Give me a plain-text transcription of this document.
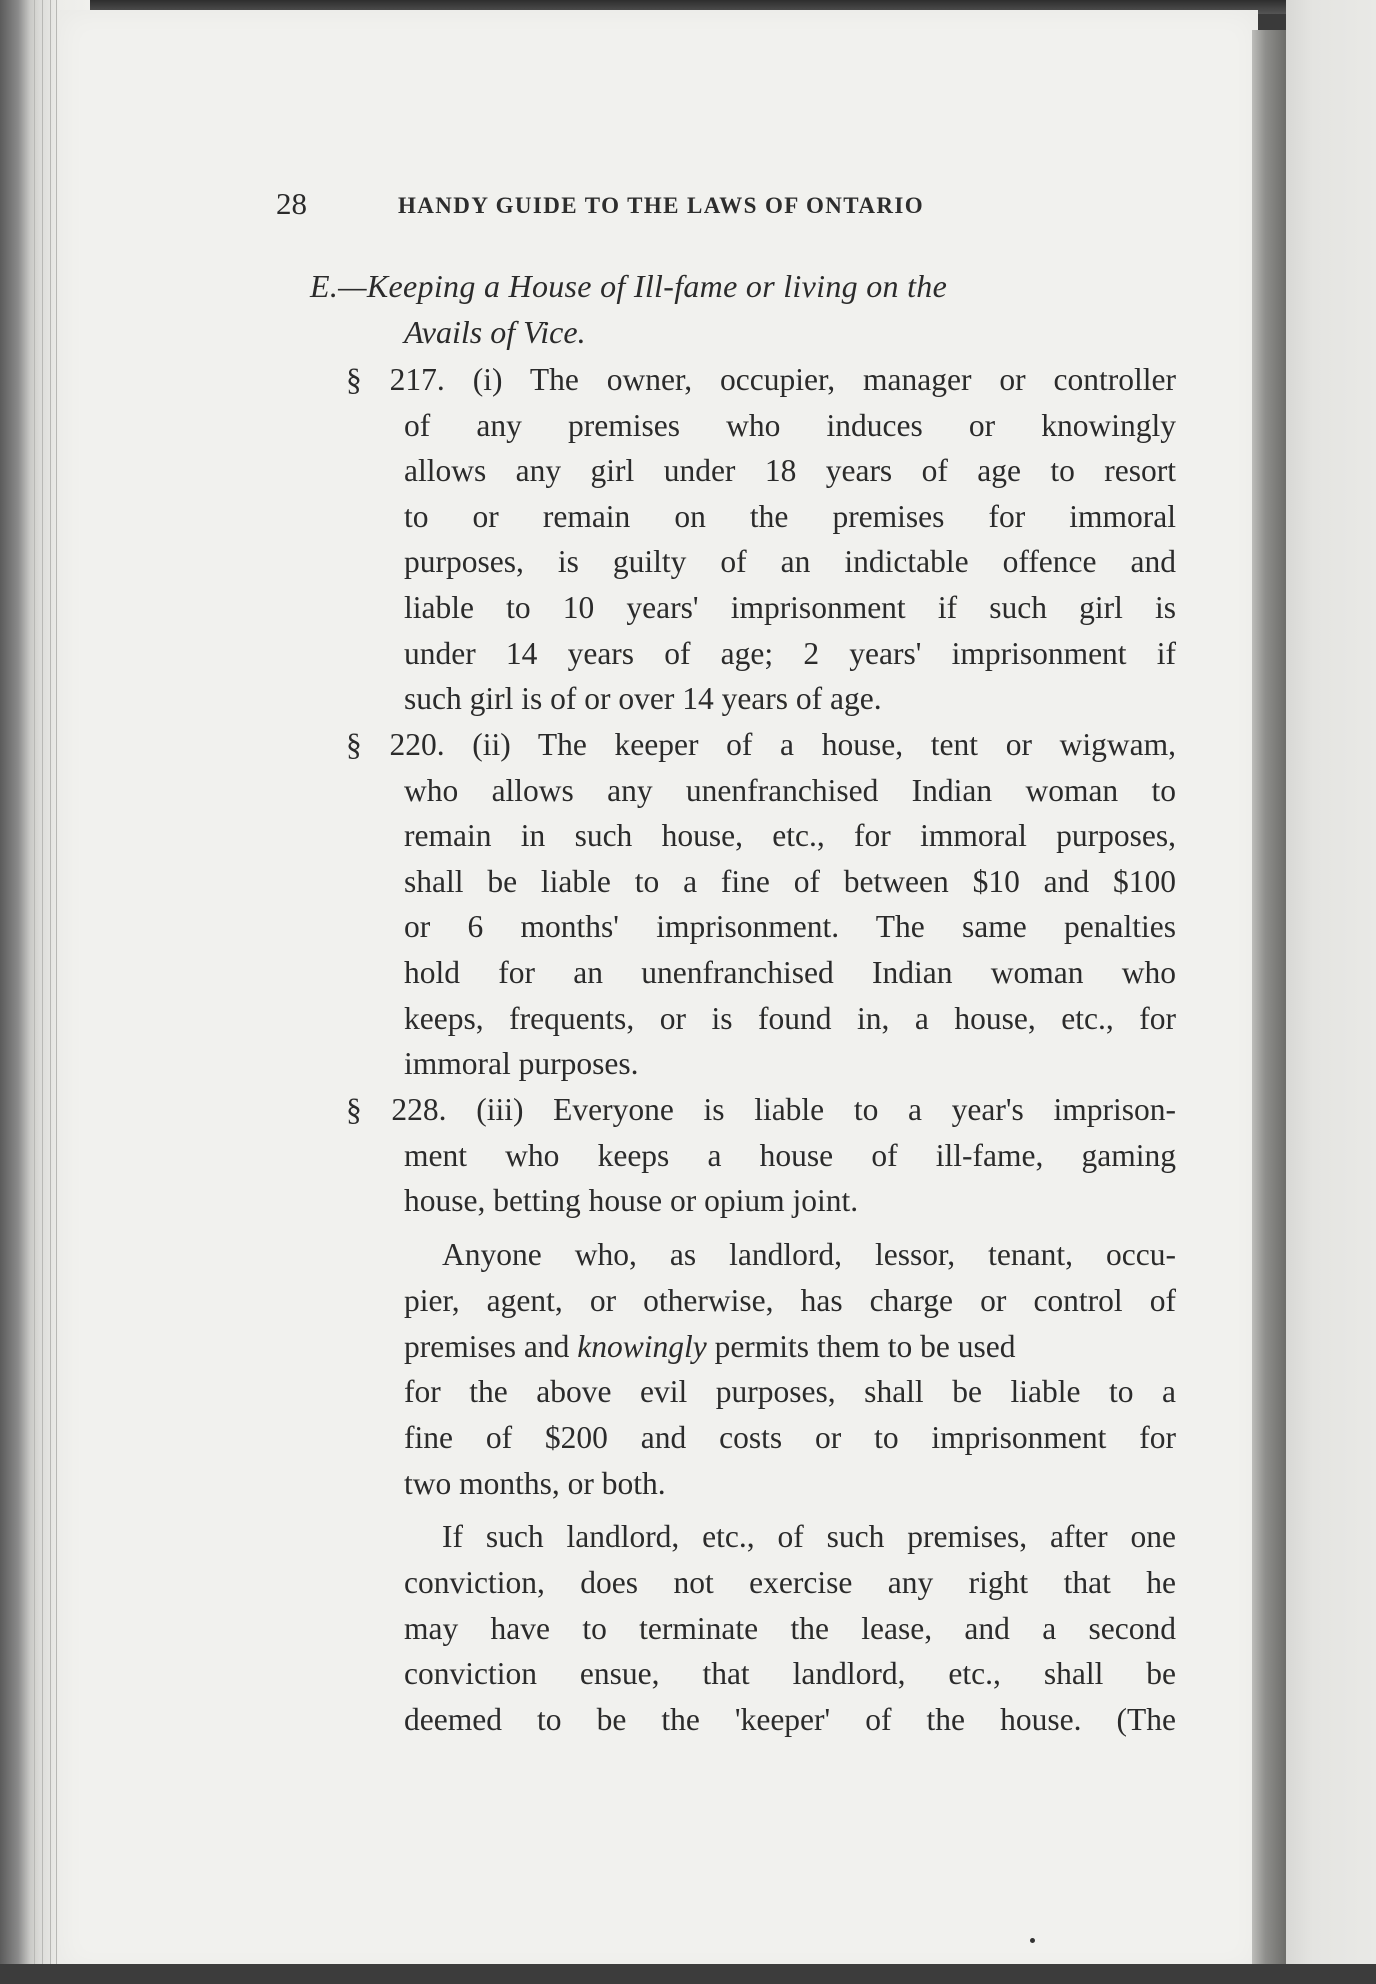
28	HANDY GUIDE TO THE LAWS OF ONTARIO
E.—Keeping a House of Ill-fame or living on the
Avails of Vice.
§ 217. (i) The owner, occupier, manager or controller
of any premises who induces or knowingly
allows any girl under 18 years of age to resort
to or remain on the premises for immoral
purposes, is guilty of an indictable offence and
liable to 10 years' imprisonment if such girl is
under 14 years of age; 2 years' imprisonment if
such girl is of or over 14 years of age.
§ 220. (ii) The keeper of a house, tent or wigwam,
who allows any unenfranchised Indian woman to
remain in such house, etc., for immoral purposes,
shall be liable to a fine of between $10 and $100
or 6 months' imprisonment. The same penalties
hold for an unenfranchised Indian woman who
keeps, frequents, or is found in, a house, etc., for
immoral purposes.
§ 228. (iii) Everyone is liable to a year's imprison-
ment who keeps a house of ill-fame, gaming
house, betting house or opium joint.
Anyone who, as landlord, lessor, tenant, occu-
pier, agent, or otherwise, has charge or control of
premises and knowingly permits them to be used
for the above evil purposes, shall be liable to a
fine of $200 and costs or to imprisonment for
two months, or both.
If such landlord, etc., of such premises, after one
conviction, does not exercise any right that he
may have to terminate the lease, and a second
conviction ensue, that landlord, etc., shall be
deemed to be the 'keeper' of the house. (The
